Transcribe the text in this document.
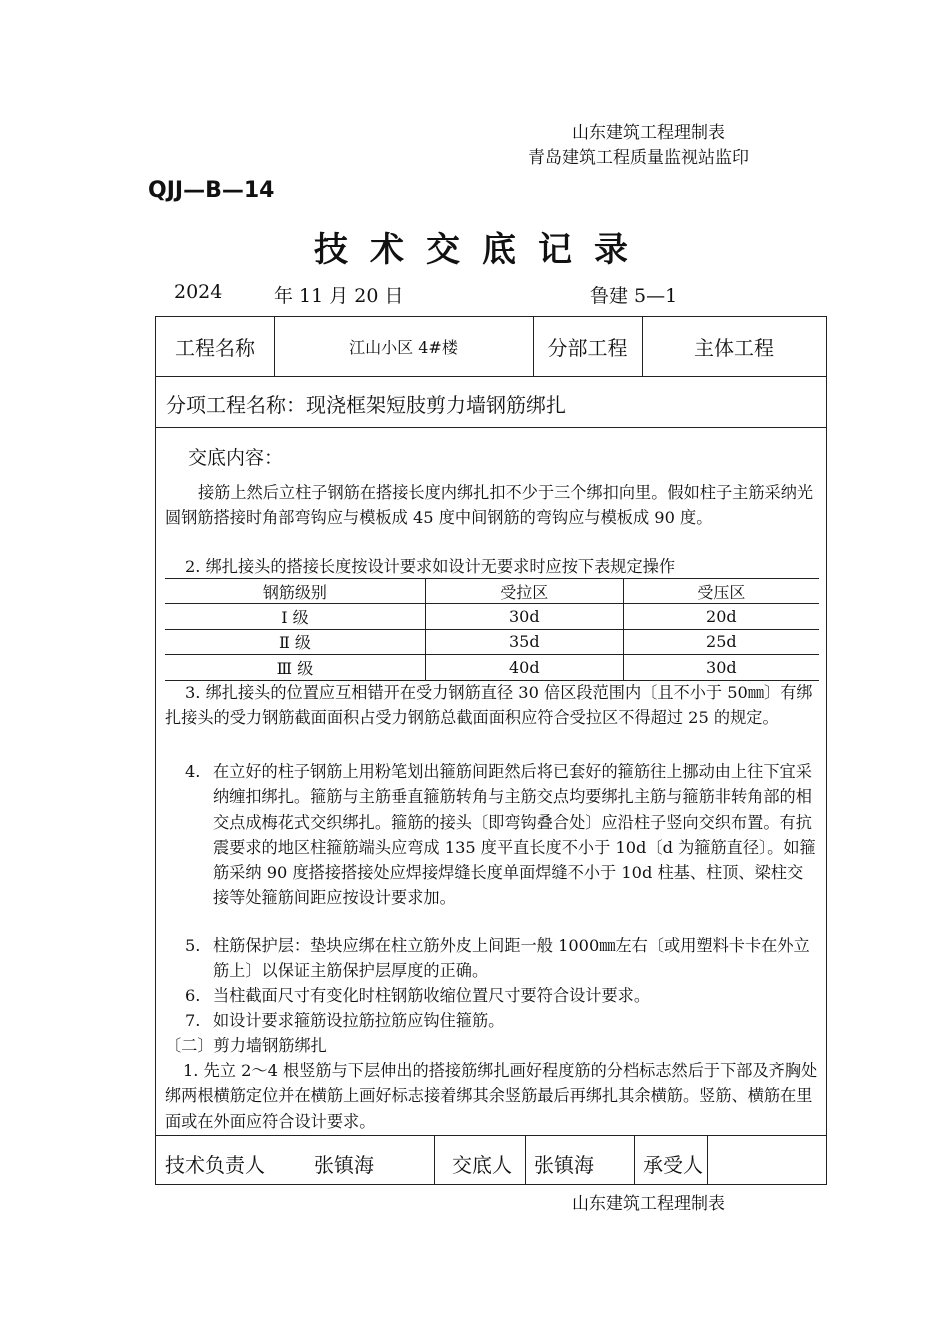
山东建筑工程理制表
青岛建筑工程质量监视站监印
QJJ—B—14
技术交底记录
2024	年 11 月 20 日	鲁建 5—1
工程名称	江山小区 4#楼	分部工程	主体工程
分项工程名称：现浇框架短肢剪力墙钢筋绑扎
交底内容：
接筋上然后立柱子钢筋在搭接长度内绑扎扣不少于三个绑扣向里。假如柱子主筋采纳光圆钢筋搭接时角部弯钩应与模板成 45 度中间钢筋的弯钩应与模板成 90 度。
2. 绑扎接头的搭接长度按设计要求如设计无要求时应按下表规定操作
钢筋级别	受拉区	受压区
Ⅰ 级	30d	20d
Ⅱ 级	35d	25d
Ⅲ 级	40d	30d
3. 绑扎接头的位置应互相错开在受力钢筋直径 30 倍区段范围内〔且不小于 50㎜〕有绑扎接头的受力钢筋截面面积占受力钢筋总截面面积应符合受拉区不得超过 25 的规定。
4. 在立好的柱子钢筋上用粉笔划出箍筋间距然后将已套好的箍筋往上挪动由上往下宜采纳缠扣绑扎。箍筋与主筋垂直箍筋转角与主筋交点均要绑扎主筋与箍筋非转角部的相交点成梅花式交织绑扎。箍筋的接头〔即弯钩叠合处〕应沿柱子竖向交织布置。有抗震要求的地区柱箍筋端头应弯成 135 度平直长度不小于 10d〔d 为箍筋直径〕。如箍筋采纳 90 度搭接搭接处应焊接焊缝长度单面焊缝不小于 10d 柱基、柱顶、梁柱交接等处箍筋间距应按设计要求加。
5. 柱筋保护层：垫块应绑在柱立筋外皮上间距一般 1000㎜左右〔或用塑料卡卡在外立筋上〕以保证主筋保护层厚度的正确。
6. 当柱截面尺寸有变化时柱钢筋收缩位置尺寸要符合设计要求。
7. 如设计要求箍筋设拉筋拉筋应钩住箍筋。
〔二〕剪力墙钢筋绑扎
1. 先立 2～4 根竖筋与下层伸出的搭接筋绑扎画好程度筋的分档标志然后于下部及齐胸处绑两根横筋定位并在横筋上画好标志接着绑其余竖筋最后再绑扎其余横筋。竖筋、横筋在里面或在外面应符合设计要求。
技术负责人 张镇海	交底人 张镇海 承受人
山东建筑工程理制表
